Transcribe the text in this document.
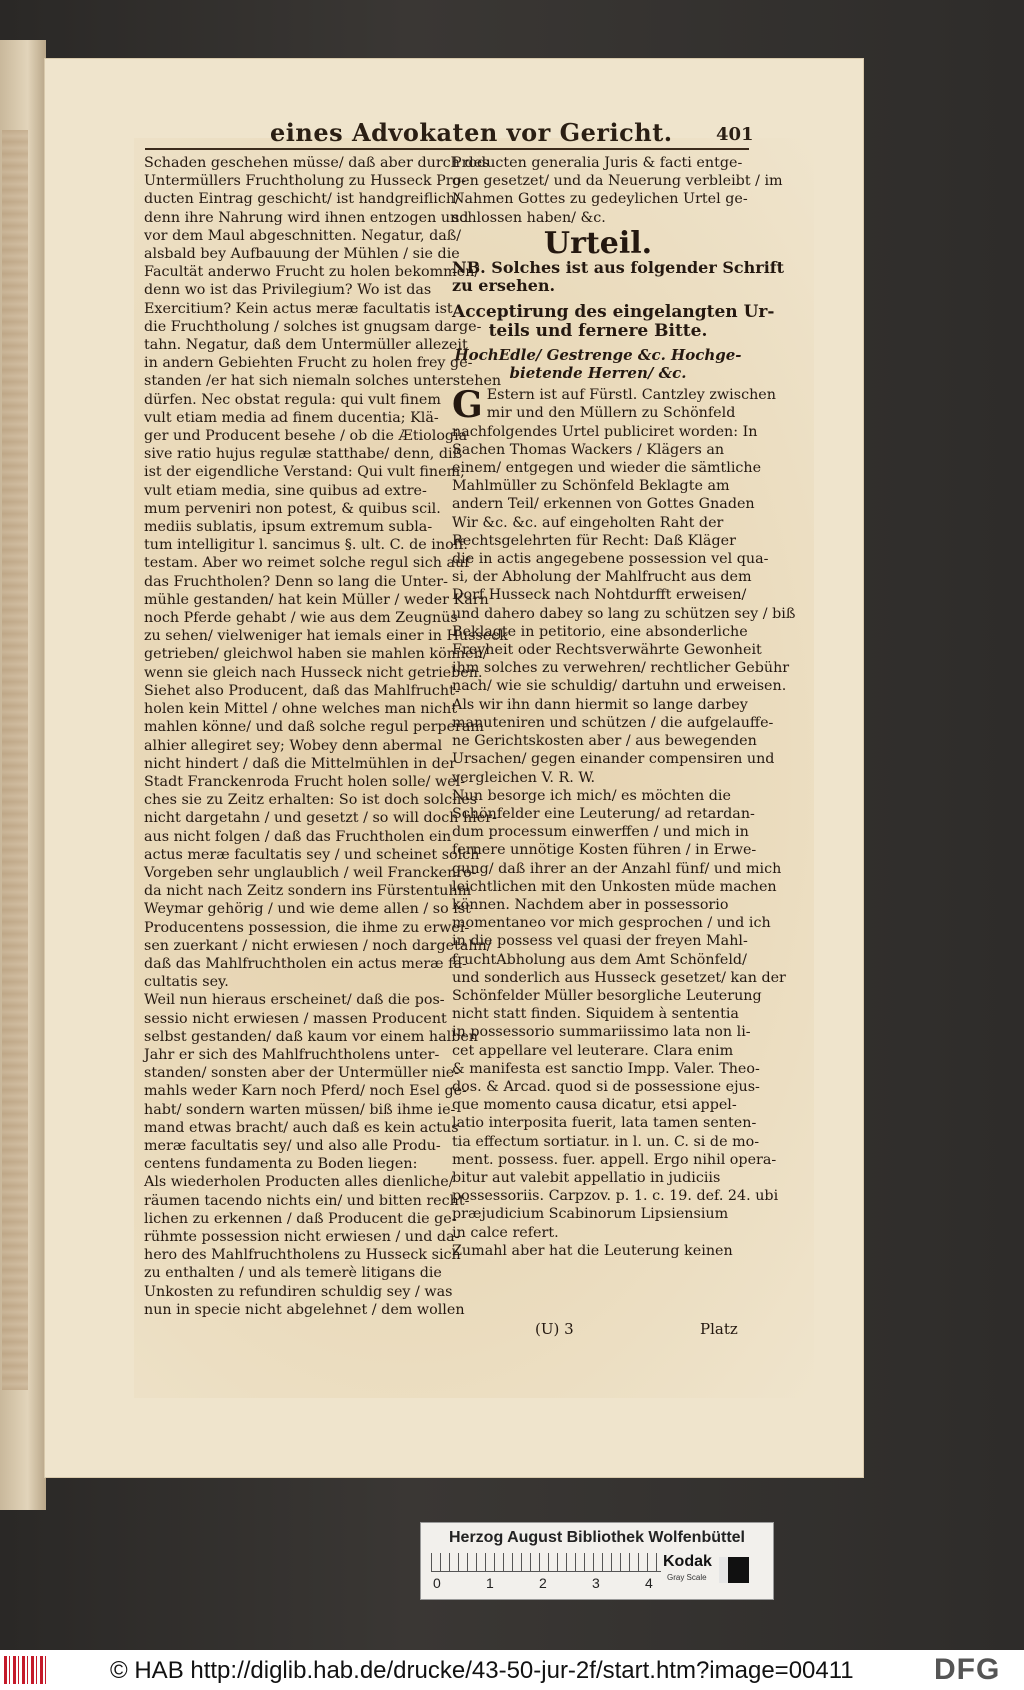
eines Advokaten vor Gericht. 401

Schaden geschehen müsse/ daß aber durch des

Untermüllers Fruchtholung zu Husseck Pro-

ducten Eintrag geschicht/ ist handgreiflich/

denn ihre Nahrung wird ihnen entzogen und

vor dem Maul abgeschnitten. Negatur, daß/

alsbald bey Aufbauung der Mühlen / sie die

Facultät anderwo Frucht zu holen bekommen/

denn wo ist das Privilegium? Wo ist das

Exercitium? Kein actus meræ facultatis ist

die Fruchtholung / solches ist gnugsam darge-

tahn. Negatur, daß dem Untermüller allezeit

in andern Gebiehten Frucht zu holen frey ge-

standen /er hat sich niemaln solches unterstehen

dürfen. Nec obstat regula: qui vult finem

vult etiam media ad finem ducentia; Klä-

ger und Producent besehe / ob die Ætiologia

sive ratio hujus regulæ statthabe/ denn, diß

ist der eigendliche Verstand: Qui vult finem,

vult etiam media, sine quibus ad extre-

mum perveniri non potest, & quibus scil.

mediis sublatis, ipsum extremum subla-

tum intelligitur l. sancimus §. ult. C. de inoff.

testam. Aber wo reimet solche regul sich auf

das Fruchtholen? Denn so lang die Unter-

mühle gestanden/ hat kein Müller / weder Karn

noch Pferde gehabt / wie aus dem Zeugnüs

zu sehen/ vielweniger hat iemals einer in Husseck

getrieben/ gleichwol haben sie mahlen können/

wenn sie gleich nach Husseck nicht getrieben.

Siehet also Producent, daß das Mahlfrucht-

holen kein Mittel / ohne welches man nicht

mahlen könne/ und daß solche regul perperam

alhier allegiret sey; Wobey denn abermal

nicht hindert / daß die Mittelmühlen in der

Stadt Franckenroda Frucht holen solle/ wel-

ches sie zu Zeitz erhalten: So ist doch solches

nicht dargetahn / und gesetzt / so will doch hier-

aus nicht folgen / daß das Fruchtholen ein

actus meræ facultatis sey / und scheinet solch

Vorgeben sehr unglaublich / weil Franckenro-

da nicht nach Zeitz sondern ins Fürstentuhm

Weymar gehörig / und wie deme allen / so ist

Producentens possession, die ihme zu erwei-

sen zuerkant / nicht erwiesen / noch dargetahn/

daß das Mahlfruchtholen ein actus meræ fa-

cultatis sey.

Weil nun hieraus erscheinet/ daß die pos-

sessio nicht erwiesen / massen Producent

selbst gestanden/ daß kaum vor einem halben

Jahr er sich des Mahlfruchtholens unter-

standen/ sonsten aber der Untermüller nie-

mahls weder Karn noch Pferd/ noch Esel ge-

habt/ sondern warten müssen/ biß ihme ie-

mand etwas bracht/ auch daß es kein actus

meræ facultatis sey/ und also alle Produ-

centens fundamenta zu Boden liegen:

Als wiederholen Producten alles dienliche/

räumen tacendo nichts ein/ und bitten recht-

lichen zu erkennen / daß Producent die ge-

rühmte possession nicht erwiesen / und da-

hero des Mahlfruchtholens zu Husseck sich

zu enthalten / und als temerè litigans die

Unkosten zu refundiren schuldig sey / was

nun in specie nicht abgelehnet / dem wollen

Producten generalia Juris & facti entge-

gen gesetzet/ und da Neuerung verbleibt / im

Nahmen Gottes zu gedeylichen Urtel ge-

schlossen haben/ &c.

Urteil.

NB. Solches ist aus folgender Schrift

zu ersehen.

Acceptirung des eingelangten Ur-

teils und fernere Bitte.

HochEdle/ Gestrenge &c. Hochge-

bietende Herren/ &c.

G Estern ist auf Fürstl. Cantzley zwischen

mir und den Müllern zu Schönfeld

nachfolgendes Urtel publiciret worden: In

Sachen Thomas Wackers / Klägers an

einem/ entgegen und wieder die sämtliche

Mahlmüller zu Schönfeld Beklagte am

andern Teil/ erkennen von Gottes Gnaden

Wir &c. &c. auf eingeholten Raht der

Rechtsgelehrten für Recht: Daß Kläger

die in actis angegebene possession vel qua-

si, der Abholung der Mahlfrucht aus dem

Dorf Husseck nach Nohtdurfft erweisen/

und dahero dabey so lang zu schützen sey / biß

Beklagte in petitorio, eine absonderliche

Freyheit oder Rechtsverwährte Gewonheit

ihm solches zu verwehren/ rechtlicher Gebühr

nach/ wie sie schuldig/ dartuhn und erweisen.

Als wir ihn dann hiermit so lange darbey

manuteniren und schützen / die aufgelauffe-

ne Gerichtskosten aber / aus bewegenden

Ursachen/ gegen einander compensiren und

vergleichen V. R. W.

Nun besorge ich mich/ es möchten die

Schönfelder eine Leuterung/ ad retardan-

dum processum einwerffen / und mich in

fernere unnötige Kosten führen / in Erwe-

gung/ daß ihrer an der Anzahl fünf/ und mich

leichtlichen mit den Unkosten müde machen

können. Nachdem aber in possessorio

momentaneo vor mich gesprochen / und ich

in die possess vel quasi der freyen Mahl-

fruchtAbholung aus dem Amt Schönfeld/

und sonderlich aus Husseck gesetzet/ kan der

Schönfelder Müller besorgliche Leuterung

nicht statt finden. Siquidem à sententia

in possessorio summariissimo lata non li-

cet appellare vel leuterare. Clara enim

& manifesta est sanctio Impp. Valer. Theo-

dos. & Arcad. quod si de possessione ejus-

que momento causa dicatur, etsi appel-

latio interposita fuerit, lata tamen senten-

tia effectum sortiatur. in l. un. C. si de mo-

ment. possess. fuer. appell. Ergo nihil opera-

bitur aut valebit appellatio in judiciis

possessoriis. Carpzov. p. 1. c. 19. def. 24. ubi

præjudicium Scabinorum Lipsiensium

in calce refert.

Zumahl aber hat die Leuterung keinen

(U) 3	Platz
Herzog August Bibliothek Wolfenbüttel
0	1	2	3	4
Kodak
Gray Scale
© HAB http://diglib.hab.de/drucke/43-50-jur-2f/start.htm?image=00411	DFG
